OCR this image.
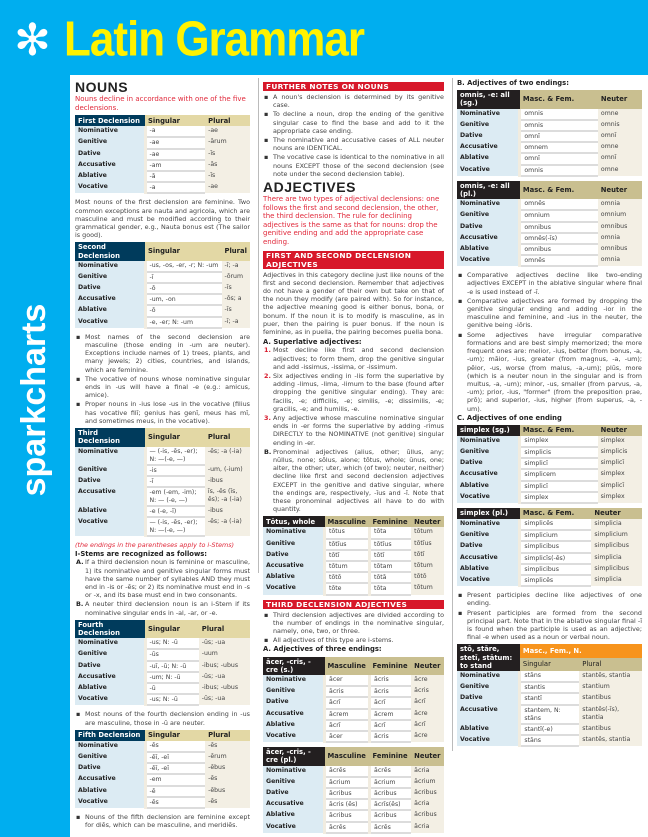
✻ Latin Grammar
sparkcharts
NOUNS
Nouns decline in accordance with one of the five declensions.
First Declension	Singular	Plural
Nominative	-a	-ae
Genitive	-ae	-ārum
Dative	-ae	-īs
Accusative	-am	-ās
Ablative	-ā	-īs
Vocative	-a	-ae
Most nouns of the first declension are feminine. Two common exceptions are nauta and agricola, which are masculine and must be modified according to their grammatical gender, e.g., Nauta bonus est (The sailor is good).
Second Declension	Singular	Plural
Nominative	-us, -os, -er, -r; N: -um	-ī; -a
Genitive	-ī	-ōrum
Dative	-ō	-īs
Accusative	-um, -on	-ōs; a
Ablative	-ō	-īs
Vocative	-e, -er; N: -um	-ī; -a
▪ Most names of the second declension are masculine (those ending in -um are neuter). Exceptions include names of 1) trees, plants, and many jewels; 2) cities, countries, and islands, which are feminine.
▪ The vocative of nouns whose nominative singular ends in -us will have a final -e (e.g.: amicus, amice).
▪ Proper nouns in -ius lose -us in the vocative (filius has vocative filī; genius has genī, meus has mī, and sometimes meus, in the vocative).
Third Declension	Singular	Plural
Nominative	— (-is, -ēs, -er); N: —(-e, —)	-ēs; -a (-ia)
Genitive	-is	-um, (-ium)
Dative	-ī	-ibus
Accusative	-em (-em, -im); N: — (-e, —)	īs, -ēs (īs, ēs); -a (-ia)
Ablative	-e (-e, -ī)	-ibus
Vocative	— (-is, -ēs, -er); N: —(-e, —)	-ēs; -a (-ia)
(the endings in the parentheses apply to i-Stems)
I-Stems are recognized as follows:
A. If a third declension noun is feminine or masculine, 1) its nominative and genitive singular forms must have the same number of syllables AND they must end in -is or -ēs; or 2) its nominative must end in -s or -x, and its base must end in two consonants.
B. A neuter third declension noun is an i-Stem if its nominative singular ends in -al, -ar, or -e.
Fourth Declension	Singular	Plural
Nominative	-us; N: -ū	-ūs; -ua
Genitive	-ūs	-uum
Dative	-uī, -ū; N: -ū	-ibus; -ubus
Accusative	-um; N: -ū	-ūs; -ua
Ablative	-ū	-ibus; -ubus
Vocative	-us; N: -ū	-ūs; -ua
▪ Most nouns of the fourth declension ending in -us are masculine, those in -ū are neuter.
Fifth Declension	Singular	Plural
Nominative	-ēs	-ēs
Genitive	-ēī, -eī	-ērum
Dative	-ēī, -eī	-ēbus
Accusative	-em	-ēs
Ablative	-ē	-ēbus
Vocative	-ēs	-ēs
▪ Nouns of the fifth declension are feminine except for diēs, which can be masculine, and meridiēs.
FURTHER NOTES ON NOUNS
▪ A noun's declension is determined by its genitive case.
▪ To decline a noun, drop the ending of the genitive singular case to find the base and add to it the appropriate case ending.
▪ The nominative and accusative cases of ALL neuter nouns are IDENTICAL.
▪ The vocative case is identical to the nominative in all nouns EXCEPT those of the second declension (see note under the second declension table).
ADJECTIVES
There are two types of adjectival declensions: one follows the first and second declension, the other, the third declension. The rule for declining adjectives is the same as that for nouns: drop the genitive ending and add the appropriate case ending.
FIRST AND SECOND DECLENSION ADJECTIVES
Adjectives in this category decline just like nouns of the first and second declension. Remember that adjectives do not have a gender of their own but take on that of the noun they modify (are paired with). So for instance, the adjective meaning good is either bonus, bona, or bonum. If the noun it is to modify is masculine, as in puer, then the pairing is puer bonus. If the noun is feminine, as in puella, the pairing becomes puella bona.
A. Superlative adjectives:
1. Most decline like first and second declension adjectives; to form them, drop the genitive singular and add -issimus, -issima, or -issimum.
2. Six adjectives ending in -lis form the superlative by adding -limus, -lima, -limum to the base (found after dropping the genitive singular ending). They are: facilis, -e; difficilis, -e; similis, -e; dissimilis, -e; gracilis, -e; and humilis, -e.
3. Any adjective whose masculine nominative singular ends in -er forms the superlative by adding -rimus DIRECTLY to the NOMINATIVE (not genitive) singular ending in -er.
B. Pronominal adjectives (alius, other; ūllus, any; nūllus, none; sōlus, alone; tōtus, whole; ūnus, one; alter, the other; uter, which (of two); neuter, neither) decline like first and second declension adjectives EXCEPT in the genitive and dative singular, where the endings are, respectively, -īus and -ī. Note that these pronominal adjectives all have to do with quantity.
Tōtus, whole	Masculine	Feminine	Neuter
Nominative	tōtus	tōta	tōtum
Genitive	tōtīus	tōtīus	tōtīus
Dative	tōtī	tōtī	tōtī
Accusative	tōtum	tōtam	tōtum
Ablative	tōtō	tōtā	tōtō
Vocative	tōte	tōta	tōtum
THIRD DECLENSION ADJECTIVES
▪ Third declension adjectives are divided according to the number of endings in the nominative singular, namely, one, two, or three.
▪ All adjectives of this type are i-stems.
A. Adjectives of three endings:
ācer, -cris, -cre (s.)	Masculine	Feminine	Neuter
Nominative	ācer	ācris	ācre
Genitive	ācris	ācris	ācris
Dative	ācrī	ācrī	ācrī
Accusative	ācrem	ācrem	ācre
Ablative	ācrī	ācrī	ācrī
Vocative	ācer	ācris	ācre
ācer, -cris, -cre (pl.)	Masculine	Feminine	Neuter
Nominative	ācrēs	ācrēs	ācria
Genitive	ācrium	ācrium	ācrium
Dative	ācribus	ācribus	ācribus
Accusative	ācris (ēs)	ācrīs(ēs)	ācria
Ablative	ācribus	ācribus	ācribus
Vocative	ācrēs	ācrēs	ācria
B. Adjectives of two endings:
omnis, -e: all (sg.)	Masc. & Fem.	Neuter
Nominative	omnis	omne
Genitive	omnis	omnis
Dative	omnī	omnī
Accusative	omnem	omne
Ablative	omnī	omnī
Vocative	omnis	omne
omnis, -e: all (pl.)	Masc. & Fem.	Neuter
Nominative	omnēs	omnia
Genitive	omnium	omnium
Dative	omnibus	omnibus
Accusative	omnēs(-īs)	omnia
Ablative	omnibus	omnibus
Vocative	omnēs	omnia
▪ Comparative adjectives decline like two-ending adjectives EXCEPT in the ablative singular where final -e is used instead of -ī.
▪ Comparative adjectives are formed by dropping the genitive singular ending and adding -ior in the masculine and feminine, and -ius in the neuter, the genitive being -iōris.
▪ Some adjectives have irregular comparative formations and are best simply memorized; the more frequent ones are: melior, -ius, better (from bonus, -a, -um); māior, -ius, greater (from magnus, -a, -um); pēior, -us, worse (from malus, -a,-um); plūs, more (which is a neuter noun in the singular and is from multus, -a, -um); minor, -us, smaller (from parvus, -a, -um); prior, -ius, "former" (from the preposition prae, prō); and superior, -ius, higher (from superus, -a, -um).
C. Adjectives of one ending
simplex (sg.)	Masc. & Fem.	Neuter
Nominative	simplex	simplex
Genitive	simplicis	simplicis
Dative	simplicī	simplicī
Accusative	simplicem	simplex
Ablative	simplicī	simplicī
Vocative	simplex	simplex
simplex (pl.)	Masc. & Fem.	Neuter
Nominative	simplicēs	simplicia
Genitive	simplicium	simplicium
Dative	simplicibus	simplicibus
Accusative	simplicīs(-ēs)	simplicia
Ablative	simplicibus	simplicibus
Vocative	simplicēs	simplicia
▪ Present participles decline like adjectives of one ending.
▪ Present participles are formed from the second principal part. Note that in the ablative singular final -ī is found when the participle is used as an adjective; final -e when used as a noun or verbal noun.
stō, stāre, stetī, stātum: to stand	Masc., Fem., N.	
	Singular	Plural
Nominative	stāns	stantēs, stantia
Genitive	stantis	stantium
Dative	stantī	stantibus
Accusative	stantem, N: stāns	stantēs(-īs), stantia
Ablative	stantī(-e)	stantibus
Vocative	stāns	stantēs, stantia
